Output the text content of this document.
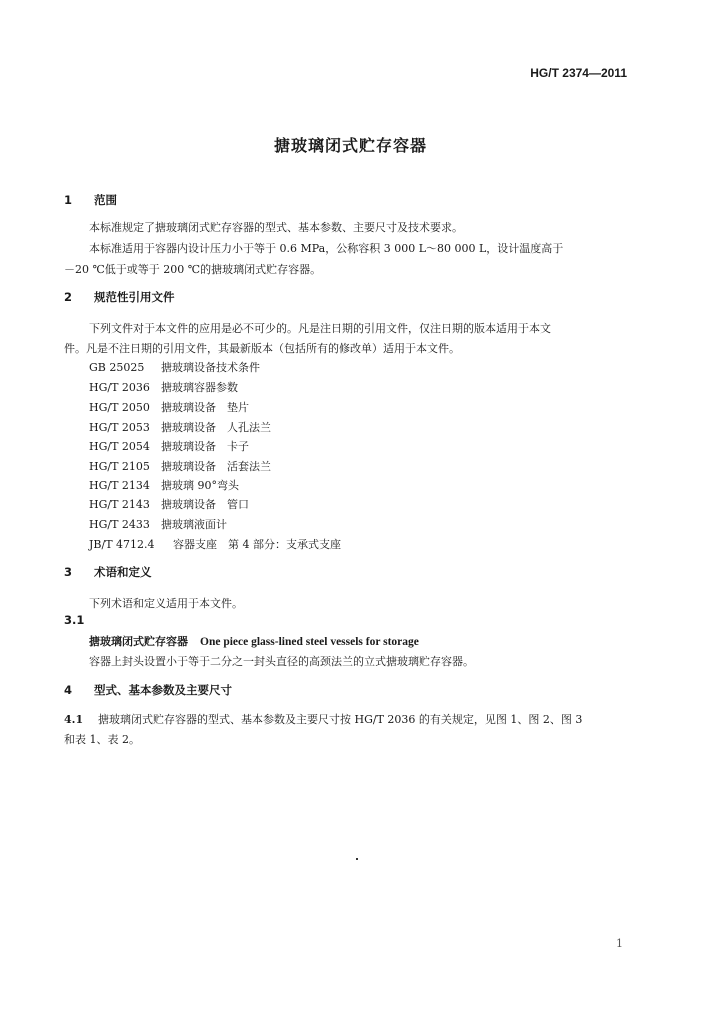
HG/T 2374—2011
搪玻璃闭式贮存容器
1 范围
本标准规定了搪玻璃闭式贮存容器的型式、基本参数、主要尺寸及技术要求。
本标准适用于容器内设计压力小于等于 0.6 MPa，公称容积 3 000 L～80 000 L，设计温度高于
－20 ℃低于或等于 200 ℃的搪玻璃闭式贮存容器。
2 规范性引用文件
下列文件对于本文件的应用是必不可少的。凡是注日期的引用文件，仅注日期的版本适用于本文
件。凡是不注日期的引用文件，其最新版本（包括所有的修改单）适用于本文件。
GB 25025 搪玻璃设备技术条件
HG/T 2036 搪玻璃容器参数
HG/T 2050 搪玻璃设备　垫片
HG/T 2053 搪玻璃设备　人孔法兰
HG/T 2054 搪玻璃设备　卡子
HG/T 2105 搪玻璃设备　活套法兰
HG/T 2134 搪玻璃 90°弯头
HG/T 2143 搪玻璃设备　管口
HG/T 2433 搪玻璃液面计
JB/T 4712.4 容器支座　第 4 部分：支承式支座
3 术语和定义
下列术语和定义适用于本文件。
3.1
搪玻璃闭式贮存容器 One piece glass-lined steel vessels for storage
容器上封头设置小于等于二分之一封头直径的高颈法兰的立式搪玻璃贮存容器。
4 型式、基本参数及主要尺寸
4.1 搪玻璃闭式贮存容器的型式、基本参数及主要尺寸按 HG/T 2036 的有关规定，见图 1、图 2、图 3
和表 1、表 2。
1
